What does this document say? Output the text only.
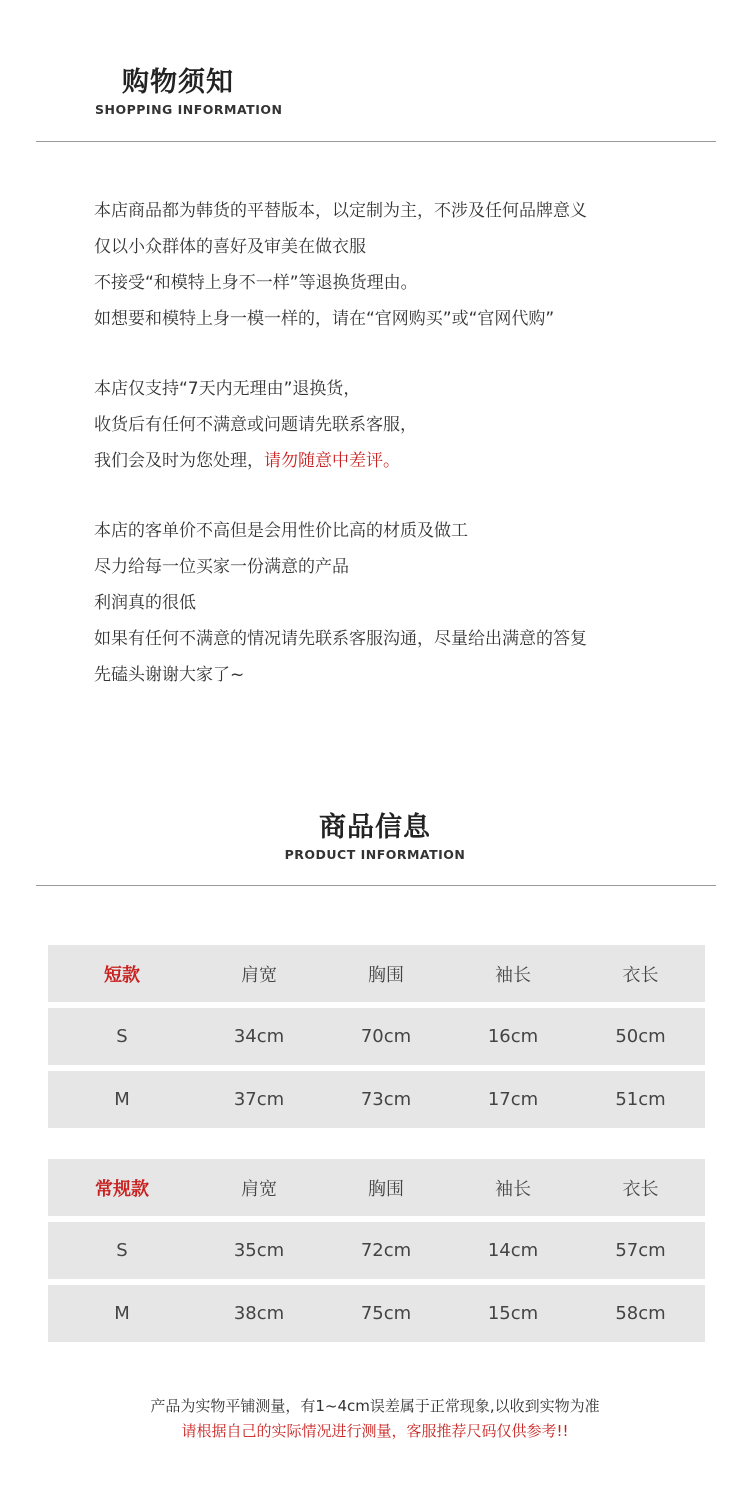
购物须知
SHOPPING INFORMATION
本店商品都为韩货的平替版本，以定制为主，不涉及任何品牌意义
仅以小众群体的喜好及审美在做衣服
不接受“和模特上身不一样”等退换货理由。
如想要和模特上身一模一样的，请在“官网购买”或“官网代购”
本店仅支持“7天内无理由”退换货，
收货后有任何不满意或问题请先联系客服，
我们会及时为您处理，请勿随意中差评。
本店的客单价不高但是会用性价比高的材质及做工
尽力给每一位买家一份满意的产品
利润真的很低
如果有任何不满意的情况请先联系客服沟通，尽量给出满意的答复
先磕头谢谢大家了~
商品信息
PRODUCT INFORMATION
短款	肩宽	胸围	袖长	衣长
S	34cm	70cm	16cm	50cm
M	37cm	73cm	17cm	51cm
常规款	肩宽	胸围	袖长	衣长
S	35cm	72cm	14cm	57cm
M	38cm	75cm	15cm	58cm
产品为实物平铺测量，有1~4cm误差属于正常现象,以收到实物为准
请根据自己的实际情况进行测量，客服推荐尺码仅供参考!!
